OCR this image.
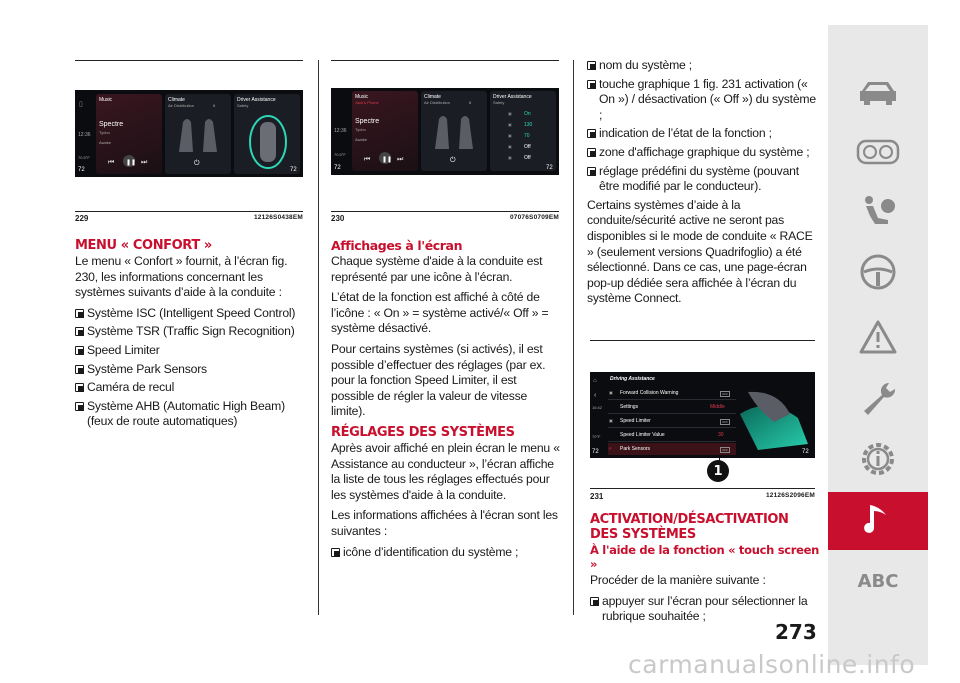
▯
12:36
70.5°F
72
Music
Spectre
Tycho
Awake
⏮ ❚❚ ⏭
Climate
Air Distribution	8
⏻
Driver Assistance
Safety
72
229	12126S0438EM
MENU « CONFORT »

Le menu « Confort » fournit, à l’écran fig. 230, les informations concernant les systèmes suivants d’aide à la conduite :

Système ISC (Intelligent Speed Control)
Système TSR (Traffic Sign Recognition)
Speed Limiter
Système Park Sensors
Caméra de recul
Système AHB (Automatic High Beam) (feux de route automatiques)
12:36
70.5°F
72
Music
Jack's Phone
Spectre
Tycho
Awake
⏮ ❚❚ ⏭
Climate
Air Distribution	8
⏻
Driver Assistance
Safety
▣ On
▣ 130
▣ 70
▣ Off
▣ Off
72
230	07076S0709EM
Affichages à l'écran

Chaque système d'aide à la conduite est représenté par une icône à l’écran.

L’état de la fonction est affiché à côté de l’icône : « On » = système activé/« Off » = système désactivé.

Pour certains systèmes (si activés), il est possible d’effectuer des réglages (par ex. pour la fonction Speed Limiter, il est possible de régler la valeur de vitesse limite).

RÉGLAGES DES SYSTÈMES

Après avoir affiché en plein écran le menu « Assistance au conducteur », l’écran affiche la liste de tous les réglages effectués pour les systèmes d'aide à la conduite.

Les informations affichées à l'écran sont les suivantes :

icône d’identification du système ;
nom du système ;
touche graphique 1 fig. 231 activation (« On ») / désactivation (« Off ») du système ;
indication de l’état de la fonction ;
zone d'affichage graphique du système ;
réglage prédéfini du système (pouvant être modifié par le conducteur).

Certains systèmes d’aide à la conduite/sécurité active ne seront pas disponibles si le mode de conduite « RACE » (seulement versions Quadrifoglio) a été sélectionné. Dans ce cas, une page-écran pop-up dédiée sera affichée à l’écran du système Connect.

⌂
‹
16:42
70°F
72
Driving Assistance
▣ Forward Collision Warning	OFF
Settings	Middle
▣ Speed Limiter	OFF
Speed Limiter Value	30
P Park Sensors	OFF	72
1
231	12126S2096EM
ACTIVATION/DÉSACTIVATION DES SYSTÈMES
À l'aide de la fonction « touch screen »

Procéder de la manière suivante :

appuyer sur l’écran pour sélectionner la rubrique souhaitée ;
273
ABC
carmanualsonline.info
